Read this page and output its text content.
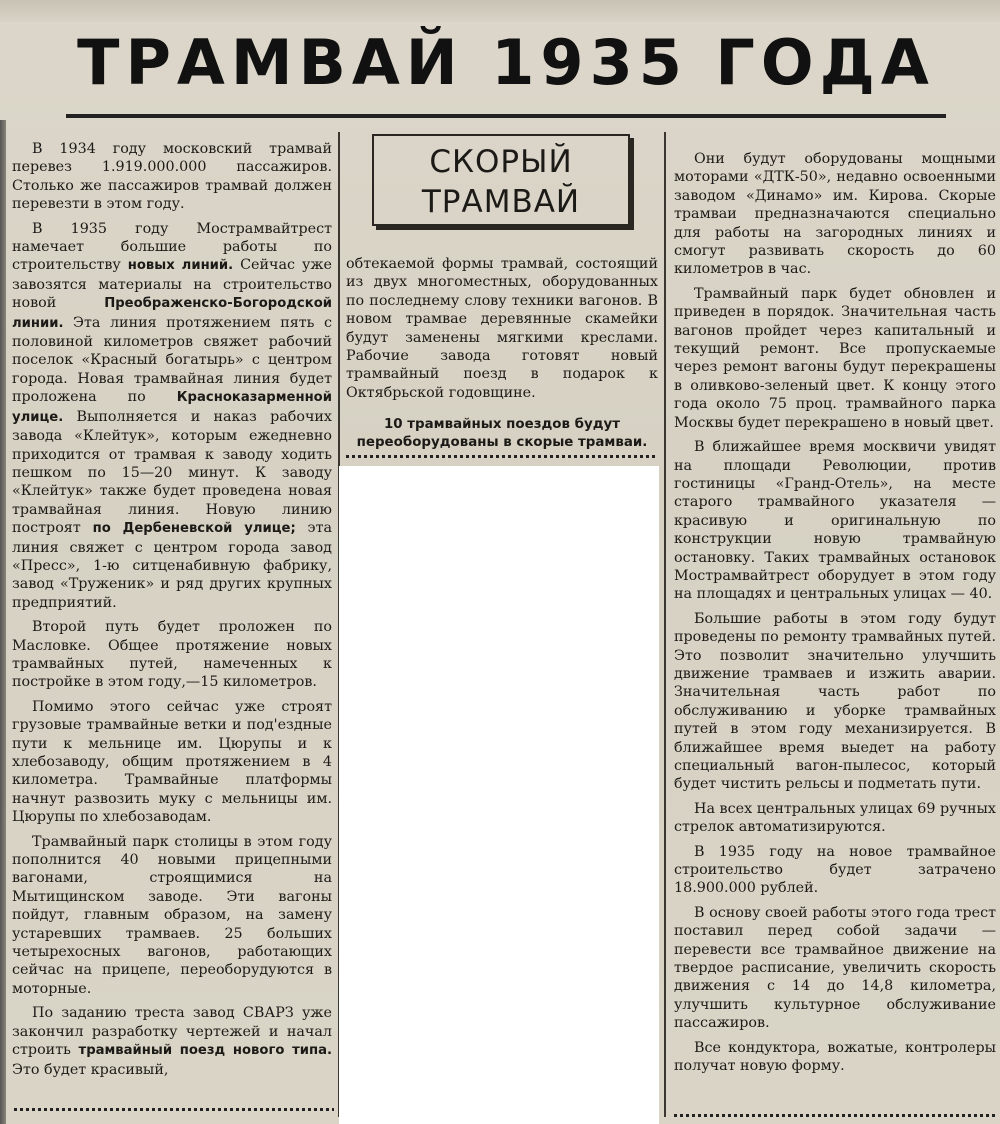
ТРАМВАЙ 1935 ГОДА

В 1934 году московский трамвай перевез 1.919.000.000 пассажиров. Столько же пассажиров трамвай должен перевезти в этом году.

В 1935 году Мострамвайтрест намечает большие работы по строительству новых линий. Сейчас уже завозятся материалы на строительство новой Преображенско-Богородской линии. Эта линия протяжением пять с половиной километров свяжет рабочий поселок «Красный богатырь» с центром города. Новая трамвайная линия будет проложена по Красноказарменной улице. Выполняется и наказ рабочих завода «Клейтук», которым ежедневно приходится от трамвая к заводу ходить пешком по 15—20 минут. К заводу «Клейтук» также будет проведена новая трамвайная линия. Новую линию построят по Дербеневской улице; эта линия свяжет с центром города завод «Пресс», 1-ю ситценабивную фабрику, завод «Труженик» и ряд других крупных предприятий.

Второй путь будет проложен по Масловке. Общее протяжение новых трамвайных путей, намеченных к постройке в этом году,—15 километров.

Помимо этого сейчас уже строят грузовые трамвайные ветки и под'ездные пути к мельнице им. Цюрупы и к хлебозаводу, общим протяжением в 4 километра. Трамвайные платформы начнут развозить муку с мельницы им. Цюрупы по хлебозаводам.

Трамвайный парк столицы в этом году пополнится 40 новыми прицепными вагонами, строящимися на Мытищинском заводе. Эти вагоны пойдут, главным образом, на замену устаревших трамваев. 25 больших четырехосных вагонов, работающих сейчас на прицепе, переоборудуются в моторные.

По заданию треста завод СВАРЗ уже закончил разработку чертежей и начал строить трамвайный поезд нового типа. Это будет красивый,

СКОРЫЙ
ТРАМВАЙ

обтекаемой формы трамвай, состоящий из двух многоместных, оборудованных по последнему слову техники вагонов. В новом трамвае деревянные скамейки будут заменены мягкими креслами. Рабочие завода готовят новый трамвайный поезд в подарок к Октябрьской годовщине.

10 трамвайных поездов будут переоборудованы в скорые трамваи.

Они будут оборудованы мощными моторами «ДТК-50», недавно освоенными заводом «Динамо» им. Кирова. Скорые трамваи предназначаются специально для работы на загородных линиях и смогут развивать скорость до 60 километров в час.

Трамвайный парк будет обновлен и приведен в порядок. Значительная часть вагонов пройдет через капитальный и текущий ремонт. Все пропускаемые через ремонт вагоны будут перекрашены в оливково-зеленый цвет. К концу этого года около 75 проц. трамвайного парка Москвы будет перекрашено в новый цвет.

В ближайшее время москвичи увидят на площади Революции, против гостиницы «Гранд-Отель», на месте старого трамвайного указателя — красивую и оригинальную по конструкции новую трамвайную остановку. Таких трамвайных остановок Мострамвайтрест оборудует в этом году на площадях и центральных улицах — 40.

Большие работы в этом году будут проведены по ремонту трамвайных путей. Это позволит значительно улучшить движение трамваев и изжить аварии. Значительная часть работ по обслуживанию и уборке трамвайных путей в этом году механизируется. В ближайшее время выедет на работу специальный вагон-пылесос, который будет чистить рельсы и подметать пути.

На всех центральных улицах 69 ручных стрелок автоматизируются.

В 1935 году на новое трамвайное строительство будет затрачено 18.900.000 рублей.

В основу своей работы этого года трест поставил перед собой задачи — перевести все трамвайное движение на твердое расписание, увеличить скорость движения с 14 до 14,8 километра, улучшить культурное обслуживание пассажиров.

Все кондуктора, вожатые, контролеры получат новую форму.
